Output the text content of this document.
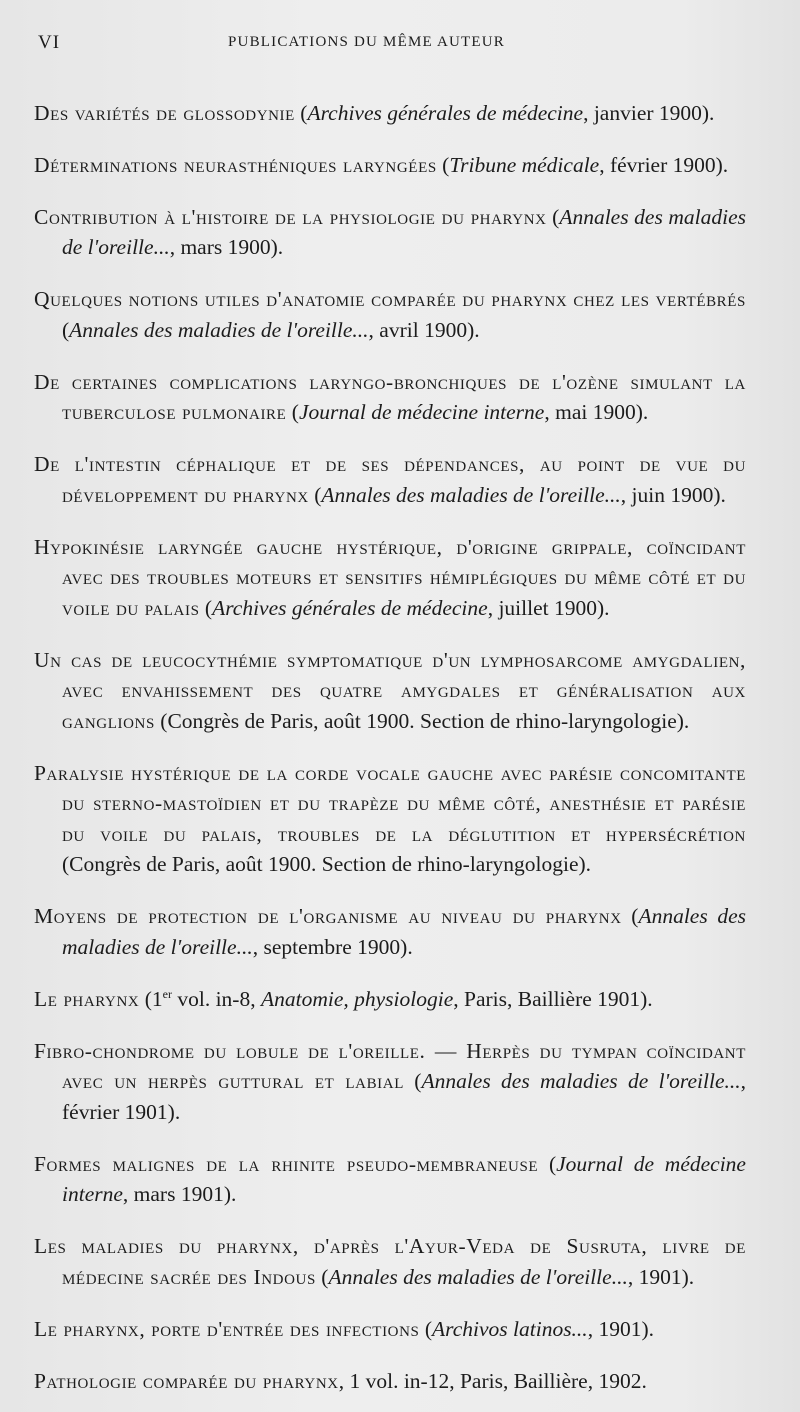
VI	PUBLICATIONS DU MÊME AUTEUR

Des variétés de glossodynie (Archives générales de médecine, janvier 1900).

Déterminations neurasthéniques laryngées (Tribune médicale, février 1900).

Contribution à l'histoire de la physiologie du pharynx (Annales des maladies de l'oreille..., mars 1900).

Quelques notions utiles d'anatomie comparée du pharynx chez les vertébrés (Annales des maladies de l'oreille..., avril 1900).

De certaines complications laryngo-bronchiques de l'ozène simulant la tuberculose pulmonaire (Journal de médecine interne, mai 1900).

De l'intestin céphalique et de ses dépendances, au point de vue du développement du pharynx (Annales des maladies de l'oreille..., juin 1900).

Hypokinésie laryngée gauche hystérique, d'origine grippale, coïncidant avec des troubles moteurs et sensitifs hémiplégiques du même côté et du voile du palais (Archives générales de médecine, juillet 1900).

Un cas de leucocythémie symptomatique d'un lymphosarcome amygdalien, avec envahissement des quatre amygdales et généralisation aux ganglions (Congrès de Paris, août 1900. Section de rhino-laryngologie).

Paralysie hystérique de la corde vocale gauche avec parésie concomitante du sterno-mastoïdien et du trapèze du même côté, anesthésie et parésie du voile du palais, troubles de la déglutition et hypersécrétion (Congrès de Paris, août 1900. Section de rhino-laryngologie).

Moyens de protection de l'organisme au niveau du pharynx (Annales des maladies de l'oreille..., septembre 1900).

Le pharynx (1er vol. in-8, Anatomie, physiologie, Paris, Baillière 1901).

Fibro-chondrome du lobule de l'oreille. — Herpès du tympan coïncidant avec un herpès guttural et labial (Annales des maladies de l'oreille..., février 1901).

Formes malignes de la rhinite pseudo-membraneuse (Journal de médecine interne, mars 1901).

Les maladies du pharynx, d'après l'Ayur-Veda de Susruta, livre de médecine sacrée des Indous (Annales des maladies de l'oreille..., 1901).

Le pharynx, porte d'entrée des infections (Archivos latinos..., 1901).

Pathologie comparée du pharynx, 1 vol. in-12, Paris, Baillière, 1902.
